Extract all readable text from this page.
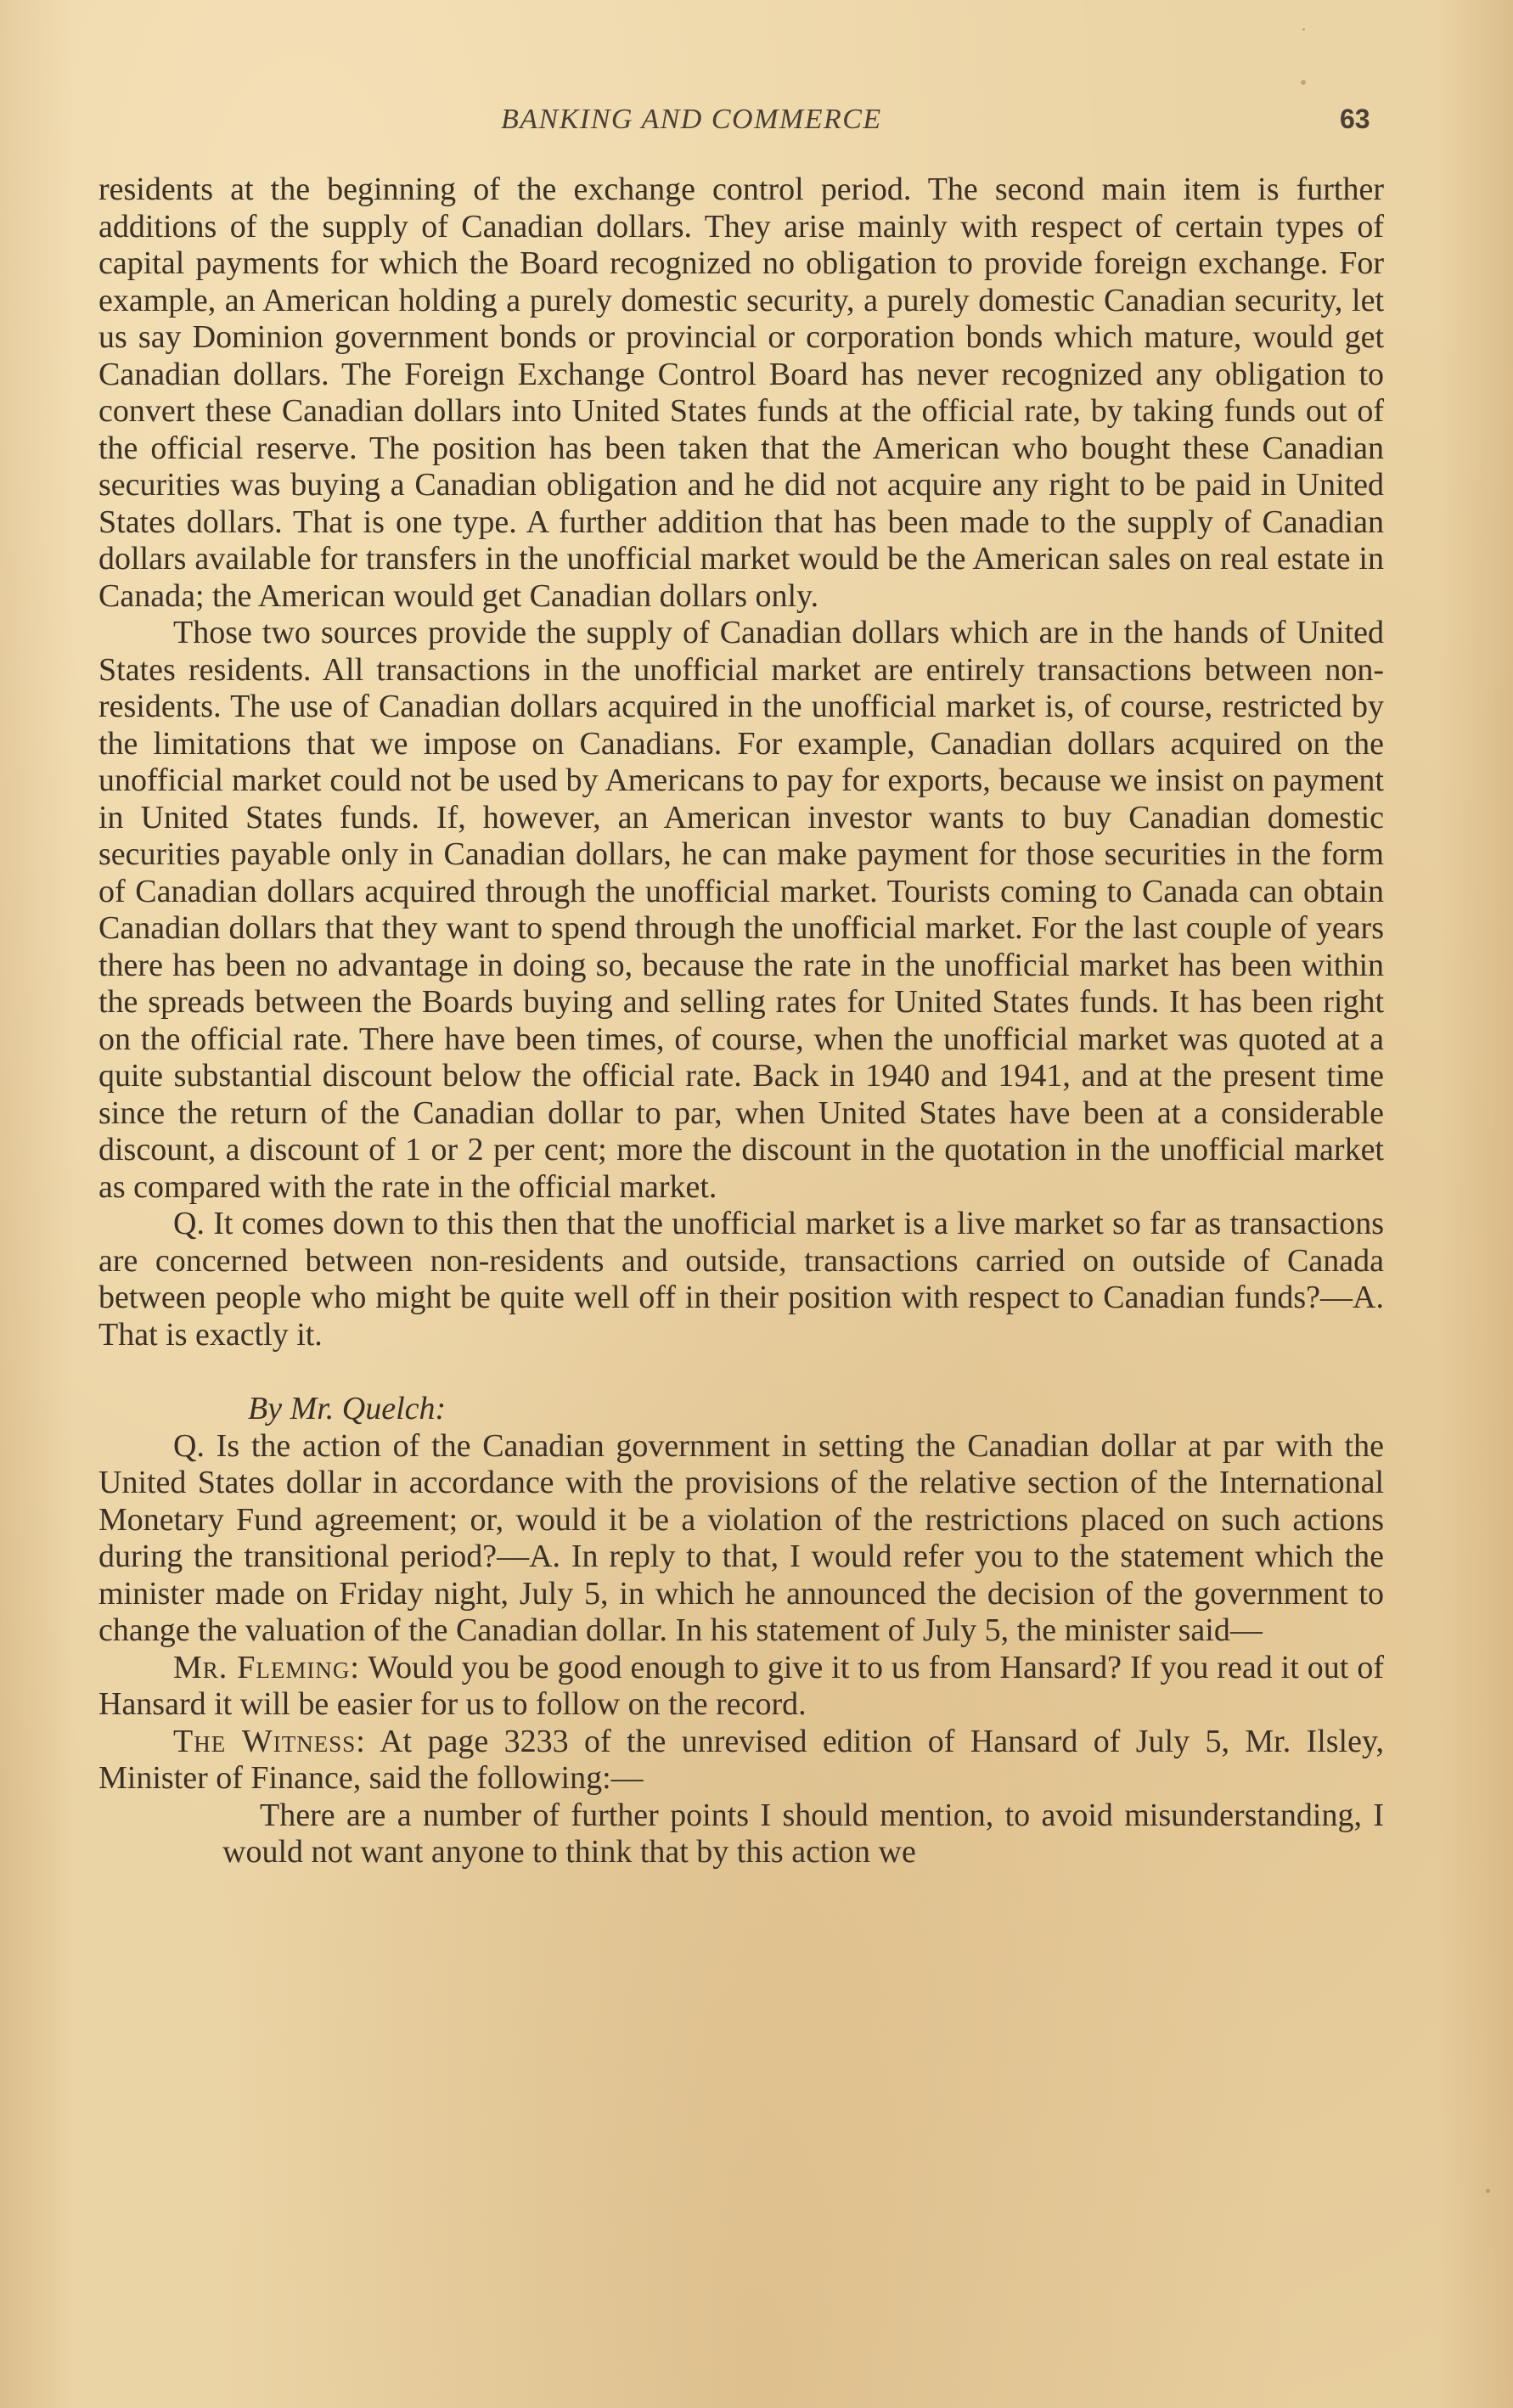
BANKING AND COMMERCE	63

residents at the beginning of the exchange control period. The second main item is further additions of the supply of Canadian dollars. They arise mainly with respect of certain types of capital payments for which the Board recognized no obligation to provide foreign exchange. For example, an American holding a purely domestic security, a purely domestic Canadian security, let us say Dominion government bonds or provincial or corporation bonds which mature, would get Canadian dollars. The Foreign Exchange Control Board has never recognized any obligation to convert these Canadian dollars into United States funds at the official rate, by taking funds out of the official reserve. The position has been taken that the American who bought these Canadian securities was buying a Canadian obligation and he did not acquire any right to be paid in United States dollars. That is one type. A further addition that has been made to the supply of Canadian dollars available for transfers in the unofficial market would be the American sales on real estate in Canada; the American would get Canadian dollars only.

Those two sources provide the supply of Canadian dollars which are in the hands of United States residents. All transactions in the unofficial market are entirely transactions between non-residents. The use of Canadian dollars acquired in the unofficial market is, of course, restricted by the limitations that we impose on Canadians. For example, Canadian dollars acquired on the unofficial market could not be used by Americans to pay for exports, because we insist on payment in United States funds. If, however, an American investor wants to buy Canadian domestic securities payable only in Canadian dollars, he can make payment for those securities in the form of Canadian dollars acquired through the unofficial market. Tourists coming to Canada can obtain Canadian dollars that they want to spend through the unofficial market. For the last couple of years there has been no advantage in doing so, because the rate in the unofficial market has been within the spreads between the Boards buying and selling rates for United States funds. It has been right on the official rate. There have been times, of course, when the unofficial market was quoted at a quite substantial discount below the official rate. Back in 1940 and 1941, and at the present time since the return of the Canadian dollar to par, when United States have been at a considerable discount, a discount of 1 or 2 per cent; more the discount in the quotation in the unofficial market as compared with the rate in the official market.

Q. It comes down to this then that the unofficial market is a live market so far as transactions are concerned between non-residents and outside, transactions carried on outside of Canada between people who might be quite well off in their position with respect to Canadian funds?—A. That is exactly it.

By Mr. Quelch:

Q. Is the action of the Canadian government in setting the Canadian dollar at par with the United States dollar in accordance with the provisions of the relative section of the International Monetary Fund agreement; or, would it be a violation of the restrictions placed on such actions during the transitional period?—A. In reply to that, I would refer you to the statement which the minister made on Friday night, July 5, in which he announced the decision of the government to change the valuation of the Canadian dollar. In his statement of July 5, the minister said—

Mr. Fleming: Would you be good enough to give it to us from Hansard? If you read it out of Hansard it will be easier for us to follow on the record.

The Witness: At page 3233 of the unrevised edition of Hansard of July 5, Mr. Ilsley, Minister of Finance, said the following:—

There are a number of further points I should mention, to avoid misunderstanding, I would not want anyone to think that by this action we
